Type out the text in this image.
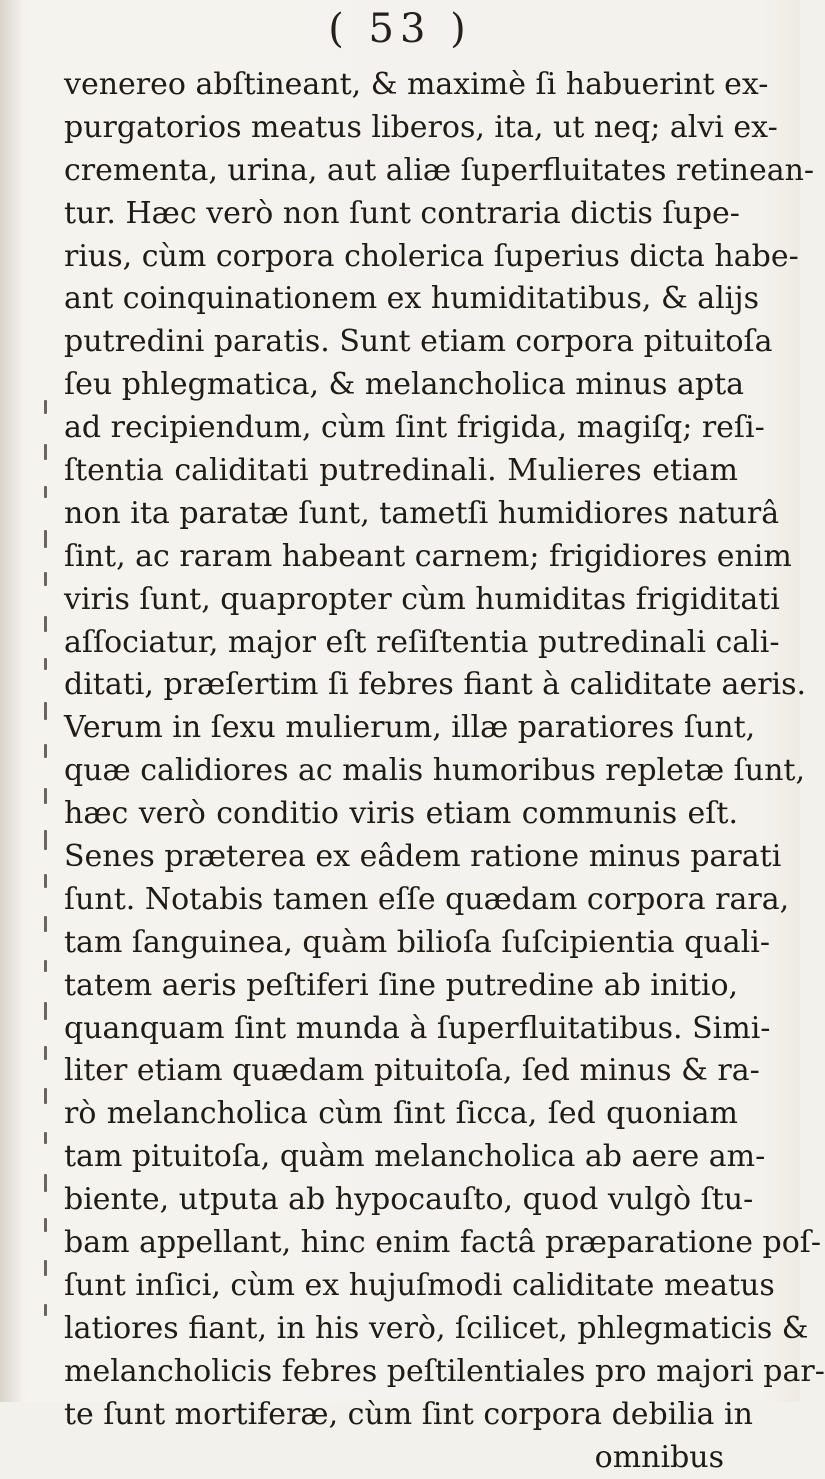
( 53 )
venereo abſtineant, & maximè ſi habuerint ex-
purgatorios meatus liberos, ita, ut neq; alvi ex-
crementa, urina, aut aliæ ſuperfluitates retinean-
tur. Hæc verò non ſunt contraria dictis ſupe-
rius, cùm corpora cholerica ſuperius dicta habe-
ant coinquinationem ex humiditatibus, & alijs
putredini paratis. Sunt etiam corpora pituitoſa
ſeu phlegmatica, & melancholica minus apta
ad recipiendum, cùm ſint frigida, magiſq; reſi-
ſtentia caliditati putredinali. Mulieres etiam
non ita paratæ ſunt, tametſi humidiores naturâ
ſint, ac raram habeant carnem; frigidiores enim
viris ſunt, quapropter cùm humiditas frigiditati
aſſociatur, major eſt reſiſtentia putredinali cali-
ditati, præſertim ſi febres fiant à caliditate aeris.
Verum in ſexu mulierum, illæ paratiores ſunt,
quæ calidiores ac malis humoribus repletæ ſunt,
hæc verò conditio viris etiam communis eſt.
Senes præterea ex eâdem ratione minus parati
ſunt. Notabis tamen eſſe quædam corpora rara,
tam ſanguinea, quàm bilioſa ſuſcipientia quali-
tatem aeris peſtiferi ſine putredine ab initio,
quanquam ſint munda à ſuperfluitatibus. Simi-
liter etiam quædam pituitoſa, ſed minus & ra-
rò melancholica cùm ſint ſicca, ſed quoniam
tam pituitoſa, quàm melancholica ab aere am-
biente, utputa ab hypocauſto, quod vulgò ſtu-
bam appellant, hinc enim factâ præparatione poſ-
ſunt inſici, cùm ex hujuſmodi caliditate meatus
latiores fiant, in his verò, ſcilicet, phlegmaticis &
melancholicis febres peſtilentiales pro majori par-
te ſunt mortiferæ, cùm ſint corpora debilia in
omnibus
